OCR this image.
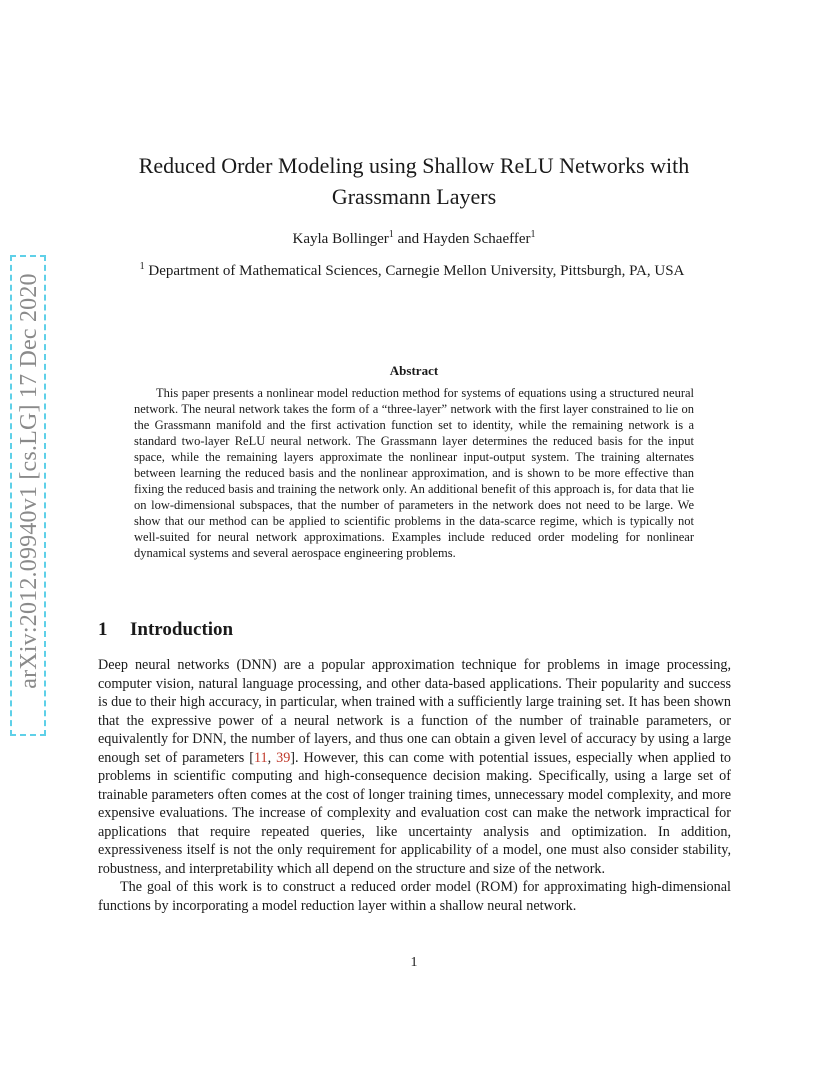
arXiv:2012.09940v1 [cs.LG] 17 Dec 2020
Reduced Order Modeling using Shallow ReLU Networks with
Grassmann Layers
Kayla Bollinger$^1$ and Hayden Schaeffer$^1$
$^1$ Department of Mathematical Sciences, Carnegie Mellon University, Pittsburgh, PA, USA
Abstract
This paper presents a nonlinear model reduction method for systems of equations using a structured neural network. The neural network takes the form of a “three-layer” network with the first layer constrained to lie on the Grassmann manifold and the first activation function set to identity, while the remaining network is a standard two-layer ReLU neural network. The Grassmann layer determines the reduced basis for the input space, while the remaining layers approximate the nonlinear input-output system. The training alternates between learning the reduced basis and the nonlinear approximation, and is shown to be more effective than fixing the reduced basis and training the network only. An additional benefit of this approach is, for data that lie on low-dimensional subspaces, that the number of parameters in the network does not need to be large. We show that our method can be applied to scientific problems in the data-scarce regime, which is typically not well-suited for neural network approximations. Examples include reduced order modeling for nonlinear dynamical systems and several aerospace engineering problems.
1 Introduction

Deep neural networks (DNN) are a popular approximation technique for problems in image processing, computer vision, natural language processing, and other data-based applications. Their popularity and success is due to their high accuracy, in particular, when trained with a sufficiently large training set. It has been shown that the expressive power of a neural network is a function of the number of trainable parameters, or equivalently for DNN, the number of layers, and thus one can obtain a given level of accuracy by using a large enough set of parameters [11, 39]. However, this can come with potential issues, especially when applied to problems in scientific computing and high-consequence decision making. Specifically, using a large set of trainable parameters often comes at the cost of longer training times, unnecessary model complexity, and more expensive evaluations. The increase of complexity and evaluation cost can make the network impractical for applications that require repeated queries, like uncertainty analysis and optimization. In addition, expressiveness itself is not the only requirement for applicability of a model, one must also consider stability, robustness, and interpretability which all depend on the structure and size of the network.

The goal of this work is to construct a reduced order model (ROM) for approximating high-dimensional functions by incorporating a model reduction layer within a shallow neural network.

1
